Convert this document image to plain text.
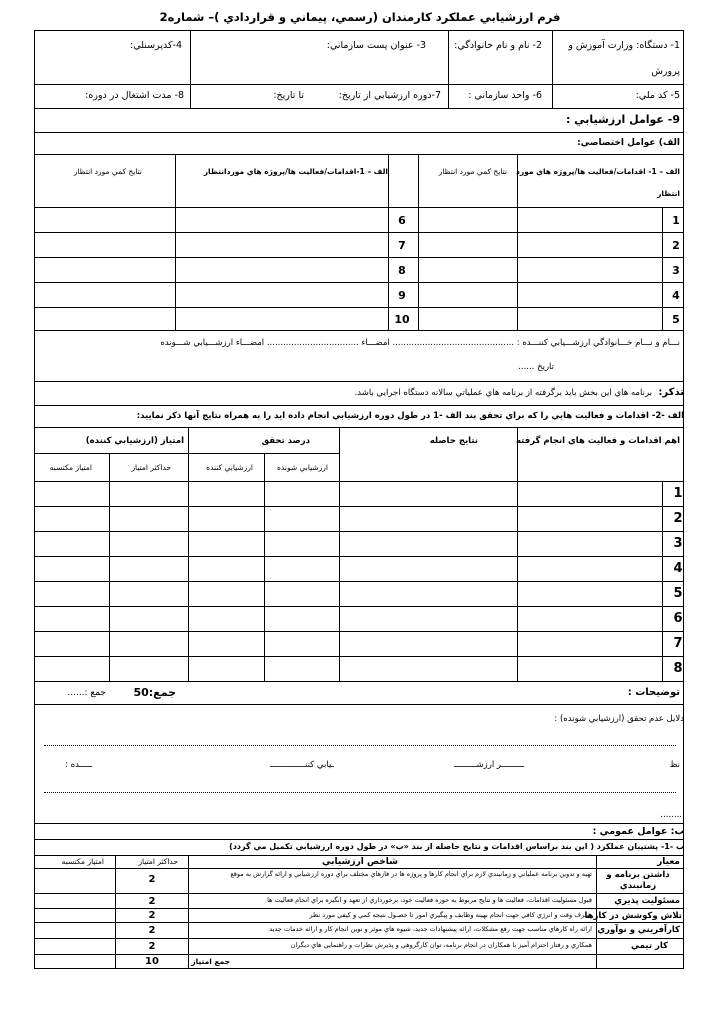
فرم ارزشيابي عملكرد كارمندان (رسمي، پيماني و قراردادي )– شماره2
1- دستگاه: وزارت آموزش و
پرورش
2- نام و نام خانوادگي:
3- عنوان پست سازماني:
4-كدپرسنلي:
5- كد ملي:
6- واحد سازماني :
7-دوره ارزشيابي از تاريخ:
تا تاريخ:
8- مدت اشتغال در دوره:
9- عوامل ارزشيابي :
الف) عوامل اختصاصي:
الف – 1- اقدامات/فعاليت ها/پروژه هاي مورد
انتظار
نتايج كمي مورد انتظار
الف – 1-اقدامات/فعاليت ها/پروژه هاي موردانتظار
نتايج كمي مورد انتظار
1
2
3
4
5
6
7
8
9
10
نـــام و نـــام خـــانوادگي ارزشـــيابي كننـــده : ............................................. امضـــاء .................................. امضـــاء ارزشـــيابي شـــونده
تاريخ ......
تذكر:
برنامه هاي اين بخش بايد برگرفته از برنامه هاي عملياتي سالانه دستگاه اجرايي باشد.
الف -2- اقدامات و فعاليت هايي را كه براي تحقق بند الف -1 در طول دوره ارزشيابي انجام داده ايد را به همراه نتايج آنها ذكر نماييد:
اهم اقدامات و فعاليت هاي انجام گرفته
نتايج حاصله
درصد تحقق
امتياز (ارزشيابي كننده)
ارزشيابي شونده
ارزشيابي كننده
حداكثر امتياز
امتياز مكتسبه
1
2
3
4
5
6
7
8
توضيحات :
جمع:50
جمع :......
دلايل عدم تحقق (ارزشيابي شونده) :
نظ
ـــــــــر ارزشـــــــــ
ـيابي كننــــــــــــــ
ـــــده :
........
ب: عوامل عمومي :
ب -1- پشتيبان عملكرد ( اين بند براساس اقدامات و نتايج حاصله از بند «ب» در طول دوره ارزشيابي تكميل مي گردد)
معيار
شاخص ارزشيابي
حداكثر امتياز
امتياز مكتسبه
داشتن برنامه و زمانبندي
تهيه و تدوين برنامه عملياتي و زمانبندي لازم براي انجام كارها و پروژه ها در فازهاي مختلف براي دوره ارزشيابي و ارائه گزارش به موقع
2
مسئوليت پذيري
قبول مسئوليت اقدامات، فعاليت ها و نتايج مربوط به حوزه فعاليت خود، برخورداري از تعهد و انگيزه براي انجام فعاليت ها
2
تلاش وكوشش در كارها
صـرف وقت و انرژي كافي جهت انجام بهينه وظايف و پيگيري امور تا حصـول نتيجه كمي و كيفي مورد نظر
2
كارآفريني و نوآوري
ارائه راه كارهاي مناسب جهت رفع مشكلات، ارائه پيشنهادات جديد، شيوه هاي موثر و نوين انجام كار و ارائه خدمات جديد
2
كار تيمي
همكاري و رفتار احترام آميز با همكاران در انجام برنامه، توان كارگروهي و پذيرش نظرات و راهنمايي هاي ديگران
2
جمع امتياز
10
